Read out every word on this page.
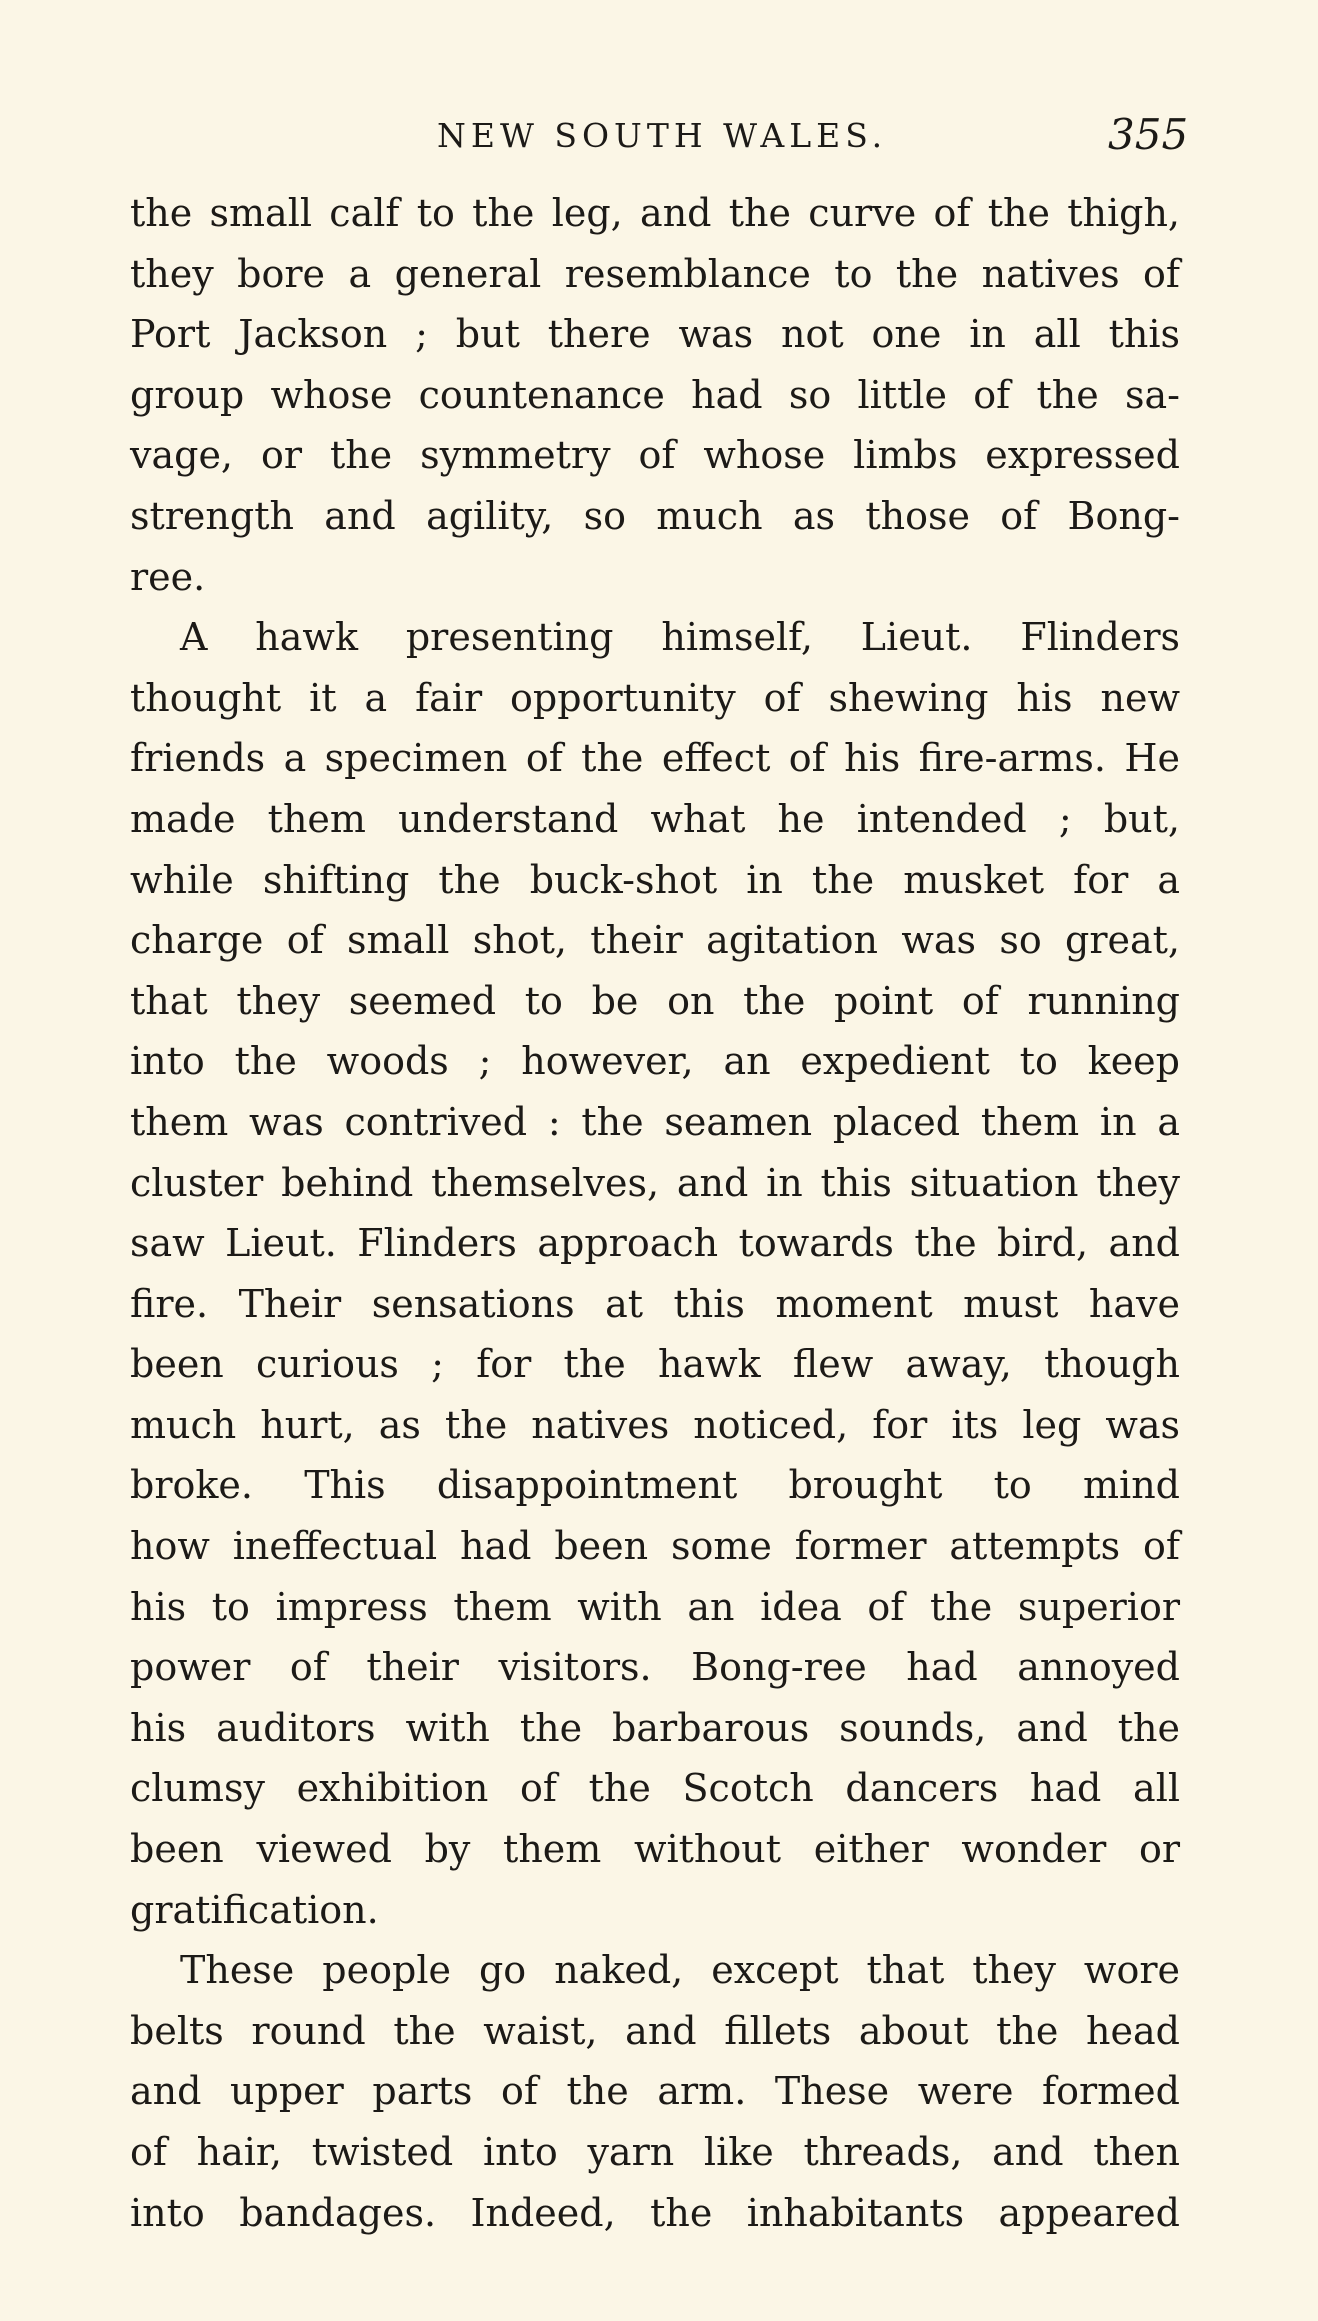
NEW SOUTH WALES.	355
the small calf to the leg, and the curve of the thigh,
they bore a general resemblance to the natives of
Port Jackson ; but there was not one in all this
group whose countenance had so little of the sa-
vage, or the symmetry of whose limbs expressed
strength and agility, so much as those of Bong-
ree.
A hawk presenting himself, Lieut. Flinders
thought it a fair opportunity of shewing his new
friends a specimen of the effect of his fire-arms. He
made them understand what he intended ; but,
while shifting the buck-shot in the musket for a
charge of small shot, their agitation was so great,
that they seemed to be on the point of running
into the woods ; however, an expedient to keep
them was contrived : the seamen placed them in a
cluster behind themselves, and in this situation they
saw Lieut. Flinders approach towards the bird, and
fire. Their sensations at this moment must have
been curious ; for the hawk flew away, though
much hurt, as the natives noticed, for its leg was
broke. This disappointment brought to mind
how ineffectual had been some former attempts of
his to impress them with an idea of the superior
power of their visitors. Bong-ree had annoyed
his auditors with the barbarous sounds, and the
clumsy exhibition of the Scotch dancers had all
been viewed by them without either wonder or
gratification.
These people go naked, except that they wore
belts round the waist, and fillets about the head
and upper parts of the arm. These were formed
of hair, twisted into yarn like threads, and then
into bandages. Indeed, the inhabitants appeared
